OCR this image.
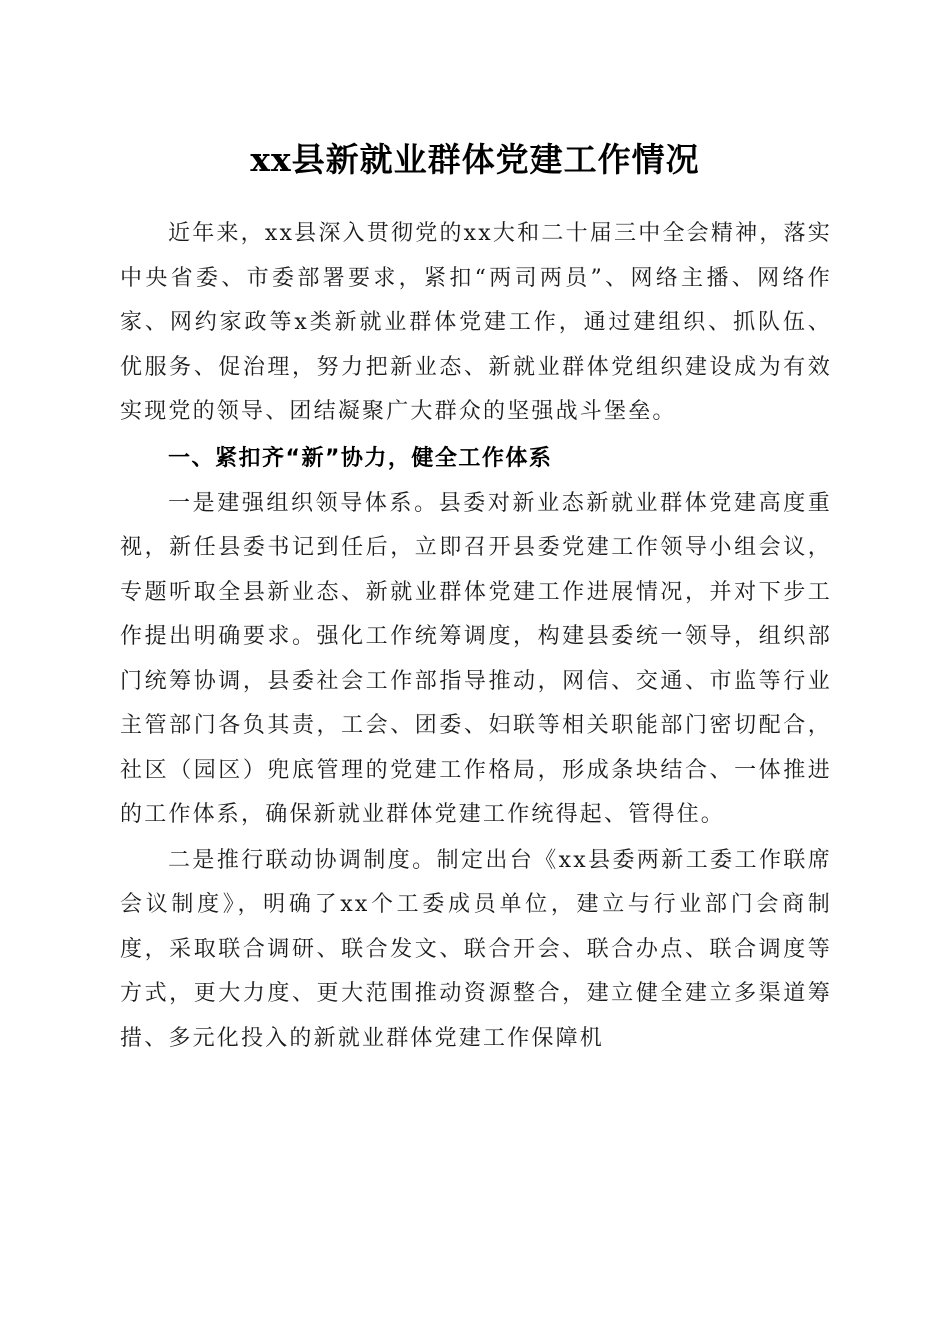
xx县新就业群体党建工作情况

近年来，xx县深入贯彻党的xx大和二十届三中全会精神，落实中央省委、市委部署要求，紧扣“两司两员”、网络主播、网络作家、网约家政等x类新就业群体党建工作，通过建组织、抓队伍、优服务、促治理，努力把新业态、新就业群体党组织建设成为有效实现党的领导、团结凝聚广大群众的坚强战斗堡垒。

一、紧扣齐“新”协力，健全工作体系

一是建强组织领导体系。县委对新业态新就业群体党建高度重视，新任县委书记到任后，立即召开县委党建工作领导小组会议，专题听取全县新业态、新就业群体党建工作进展情况，并对下步工作提出明确要求。强化工作统筹调度，构建县委统一领导，组织部门统筹协调，县委社会工作部指导推动，网信、交通、市监等行业主管部门各负其责，工会、团委、妇联等相关职能部门密切配合，社区（园区）兜底管理的党建工作格局，形成条块结合、一体推进的工作体系，确保新就业群体党建工作统得起、管得住。

二是推行联动协调制度。制定出台《xx县委两新工委工作联席会议制度》，明确了xx个工委成员单位，建立与行业部门会商制度，采取联合调研、联合发文、联合开会、联合办点、联合调度等方式，更大力度、更大范围推动资源整合，建立健全建立多渠道筹措、多元化投入的新就业群体党建工作保障机
